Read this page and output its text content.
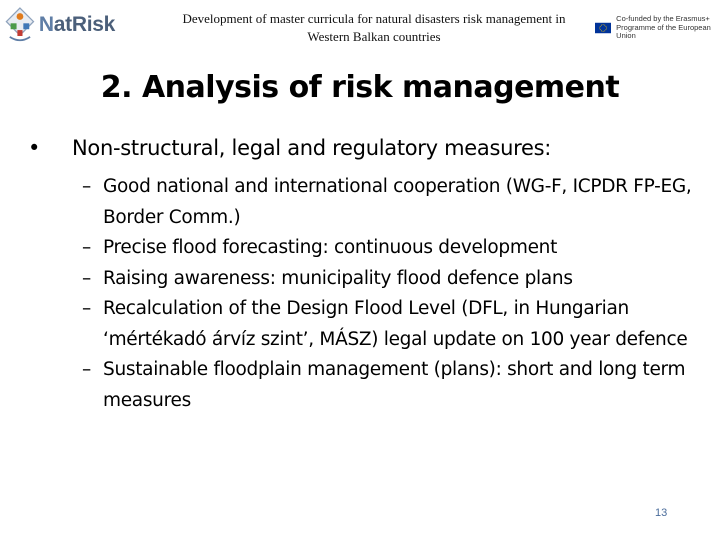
NatRisk	Development of master curricula for natural disasters risk management in Western Balkan countries
Co-funded by the Erasmus+ Programme of the European Union
2. Analysis of risk management
• Non-structural, legal and regulatory measures:
– Good national and international cooperation (WG-F, ICPDR FP-EG, Border Comm.)
– Precise flood forecasting: continuous development
– Raising awareness: municipality flood defence plans
– Recalculation of the Design Flood Level (DFL, in Hungarian ‘mértékadó árvíz szint’, MÁSZ) legal update on 100 year defence
– Sustainable floodplain management (plans): short and long term measures
13
